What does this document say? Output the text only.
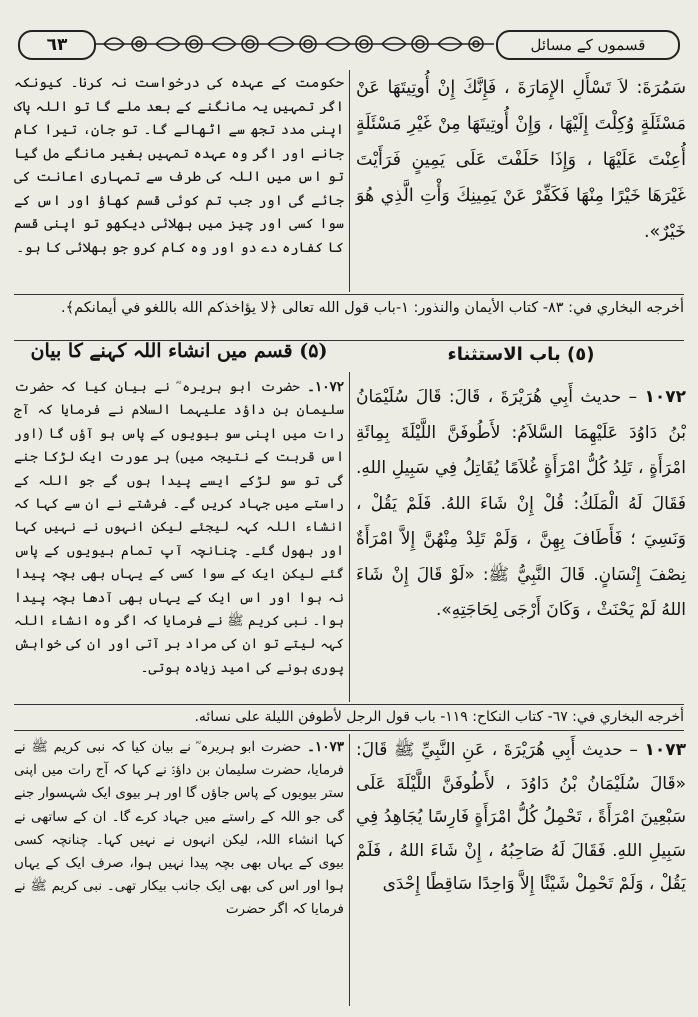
٦٣	قسموں کے مسائل

سَمُرَةَ: لاَ تَسْأَلِ الإِمَارَةَ ، فَإِنَّكَ إِنْ أُوتِيتَهَا عَنْ مَسْئَلَةٍ وُكِلْتَ إِلَيْهَا ، وَإِنْ أُوتِيتَهَا مِنْ غَيْرِ مَسْئَلَةٍ أُعِنْتَ عَلَيْهَا ، وَإِذَا حَلَفْتَ عَلَى يَمِينٍ فَرَأَيْتَ غَيْرَهَا خَيْرًا مِنْهَا فَكَفِّرْ عَنْ يَمِينِكَ وَأْتِ الَّذِي هُوَ خَيْرٌ».

حکومت کے عہدہ کی درخواست نہ کرنا۔ کیونکہ اگر تمہیں یہ مانگنے کے بعد ملے گا تو اللہ پاک اپنی مدد تجھ سے اٹھالے گا۔ تو جان، تیرا کام جانے اور اگر وہ عہدہ تمہیں بغیر مانگے مل گیا تو اس میں اللہ کی طرف سے تمہاری اعانت کی جائے گی اور جب تم کوئی قسم کھاؤ اور اس کے سوا کسی اور چیز میں بھلائی دیکھو تو اپنی قسم کا کفارہ دے دو اور وہ کام کرو جو بھلائی کا ہو۔

أخرجه البخاري في: ٨٣- كتاب الأيمان والنذور: ١-باب قول الله تعالى ﴿لا يؤاخذكم الله باللغو في أيمانكم﴾.

(٥) باب الاستثناء

(۵) قسم میں انشاء اللہ کہنے کا بیان

١٠٧٢ – حديث أَبِي هُرَيْرَةَ ، قَالَ: قَالَ سُلَيْمَانُ بْنُ دَاوُدَ عَلَيْهِمَا السَّلاَمُ: لأَطُوفَنَّ اللَّيْلَةَ بِمِائَةِ امْرَأَةٍ ، تَلِدُ كُلُّ امْرَأَةٍ غُلاَمًا يُقَاتِلُ فِي سَبِيلِ اللهِ. فَقَالَ لَهُ الْمَلَكُ: قُلْ إِنْ شَاءَ اللهُ. فَلَمْ يَقُلْ ، وَنَسِيَ ؛ فَأَطَافَ بِهِنَّ ، وَلَمْ تَلِدْ مِنْهُنَّ إِلاَّ امْرَأَةٌ نِصْفَ إِنْسَانٍ. قَالَ النَّبِيُّ ﷺ: «لَوْ قَالَ إِنْ شَاءَ اللهُ لَمْ يَحْنَثْ ، وَكَانَ أَرْجَى لِحَاجَتِهِ».

۱۰۷۲۔ حضرت ابو ہریرہ ؓ نے بیان کیا کہ حضرت سلیمان بن داؤد علیہما السلام نے فرمایا کہ آج رات میں اپنی سو بیویوں کے پاس ہو آؤں گا (اور اس قربت کے نتیجہ میں) ہر عورت ایک لڑکا جنے گی تو سو لڑکے ایسے پیدا ہوں گے جو اللہ کے راستے میں جہاد کریں گے۔ فرشتے نے ان سے کہا کہ انشاء اللہ کہہ لیجئے لیکن انہوں نے نہیں کہا اور بھول گئے۔ چنانچہ آپ تمام بیویوں کے پاس گئے لیکن ایک کے سوا کسی کے یہاں بھی بچہ پیدا نہ ہوا اور اس ایک کے یہاں بھی آدھا بچہ پیدا ہوا۔ نبی کریم ﷺ نے فرمایا کہ اگر وہ انشاء اللہ کہہ لیتے تو ان کی مراد بر آتی اور ان کی خواہش پوری ہونے کی امید زیادہ ہوتی۔

أخرجه البخاري في: ٦٧- كتاب النكاح: ١١٩- باب قول الرجل لأطوفن الليلة على نسائه.

١٠٧٣ – حديث أَبِي هُرَيْرَةَ ، عَنِ النَّبِيِّ ﷺ قَالَ: «قَالَ سُلَيْمَانُ بْنُ دَاوُدَ ، لأَطُوفَنَّ اللَّيْلَةَ عَلَى سَبْعِينَ امْرَأَةً ، تَحْمِلُ كُلُّ امْرَأَةٍ فَارِسًا يُجَاهِدُ فِي سَبِيلِ اللهِ. فَقَالَ لَهُ صَاحِبُهُ ، إِنْ شَاءَ اللهُ ، فَلَمْ يَقُلْ ، وَلَمْ تَحْمِلْ شَيْئًا إِلاَّ وَاحِدًا سَاقِطًا إِحْدَى

۱۰۷۳۔ حضرت ابو ہریرہ ؓ نے بیان کیا کہ نبی کریم ﷺ نے فرمایا، حضرت سلیمان بن داؤدؑ نے کہا کہ آج رات میں اپنی ستر بیویوں کے پاس جاؤں گا اور ہر بیوی ایک شہسوار جنے گی جو اللہ کے راستے میں جہاد کرے گا۔ ان کے ساتھی نے کہا انشاء اللہ، لیکن انہوں نے نہیں کہا۔ چنانچہ کسی بیوی کے یہاں بھی بچہ پیدا نہیں ہوا، صرف ایک کے یہاں ہوا اور اس کی بھی ایک جانب بیکار تھی۔ نبی کریم ﷺ نے فرمایا کہ اگر حضرت
